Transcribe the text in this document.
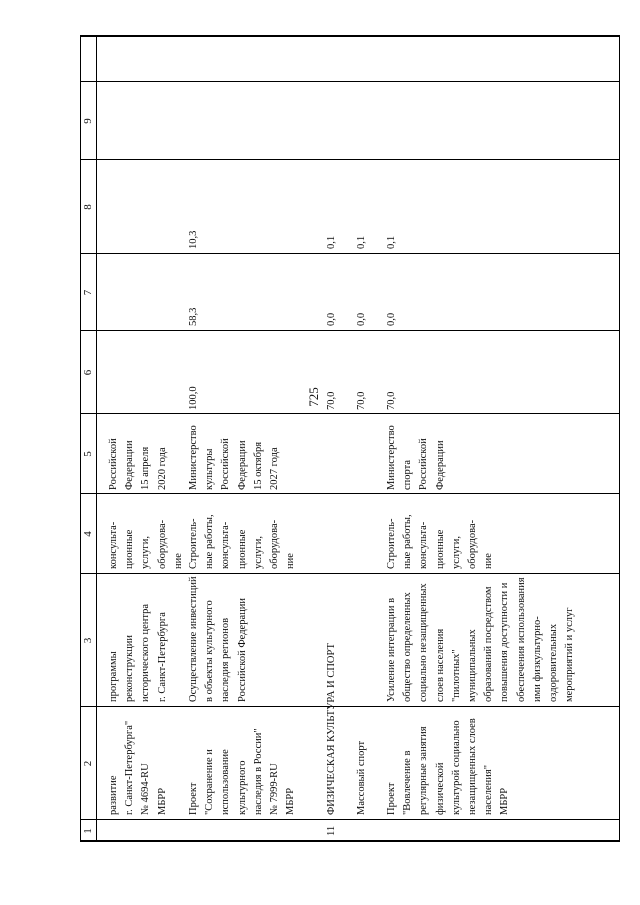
725
1
2
3
4
5
6
7
8
9
развитие
г. Санкт-Петербурга"
№ 4694-RU
МБРР
программы
реконструкции
исторического центра
г. Санкт-Петербурга
консульта-
ционные
услуги,
оборудова-
ние
Российской
Федерации
15 апреля
2020 года
Проект
"Сохранение и
использование
культурного
наследия в России"
№ 7999-RU
МБРР
Осуществление инвестиций
в объекты культурного
наследия регионов
Российской Федерации
Строитель-
ные работы,
консульта-
ционные
услуги,
оборудова-
ние
Министерство
культуры
Российской
Федерации
15 октября
2027 года
100,0
58,3
10,3
11
ФИЗИЧЕСКАЯ КУЛЬТУРА И СПОРТ
70,0
0,0
0,1
Массовый спорт
70,0
0,0
0,1
Проект
"Вовлечение в
регулярные занятия
физической
культурой социально
незащищенных слоев
населения"
МБРР
Усиление интеграции в
общество определенных
социально незащищенных
слоев населения
"пилотных"
муниципальных
образований посредством
повышения доступности и
обеспечения использования
ими физкультурно-
оздоровительных
мероприятий и услуг
Строитель-
ные работы,
консульта-
ционные
услуги,
оборудова-
ние
Министерство
спорта
Российской
Федерации
70,0
0,0
0,1
